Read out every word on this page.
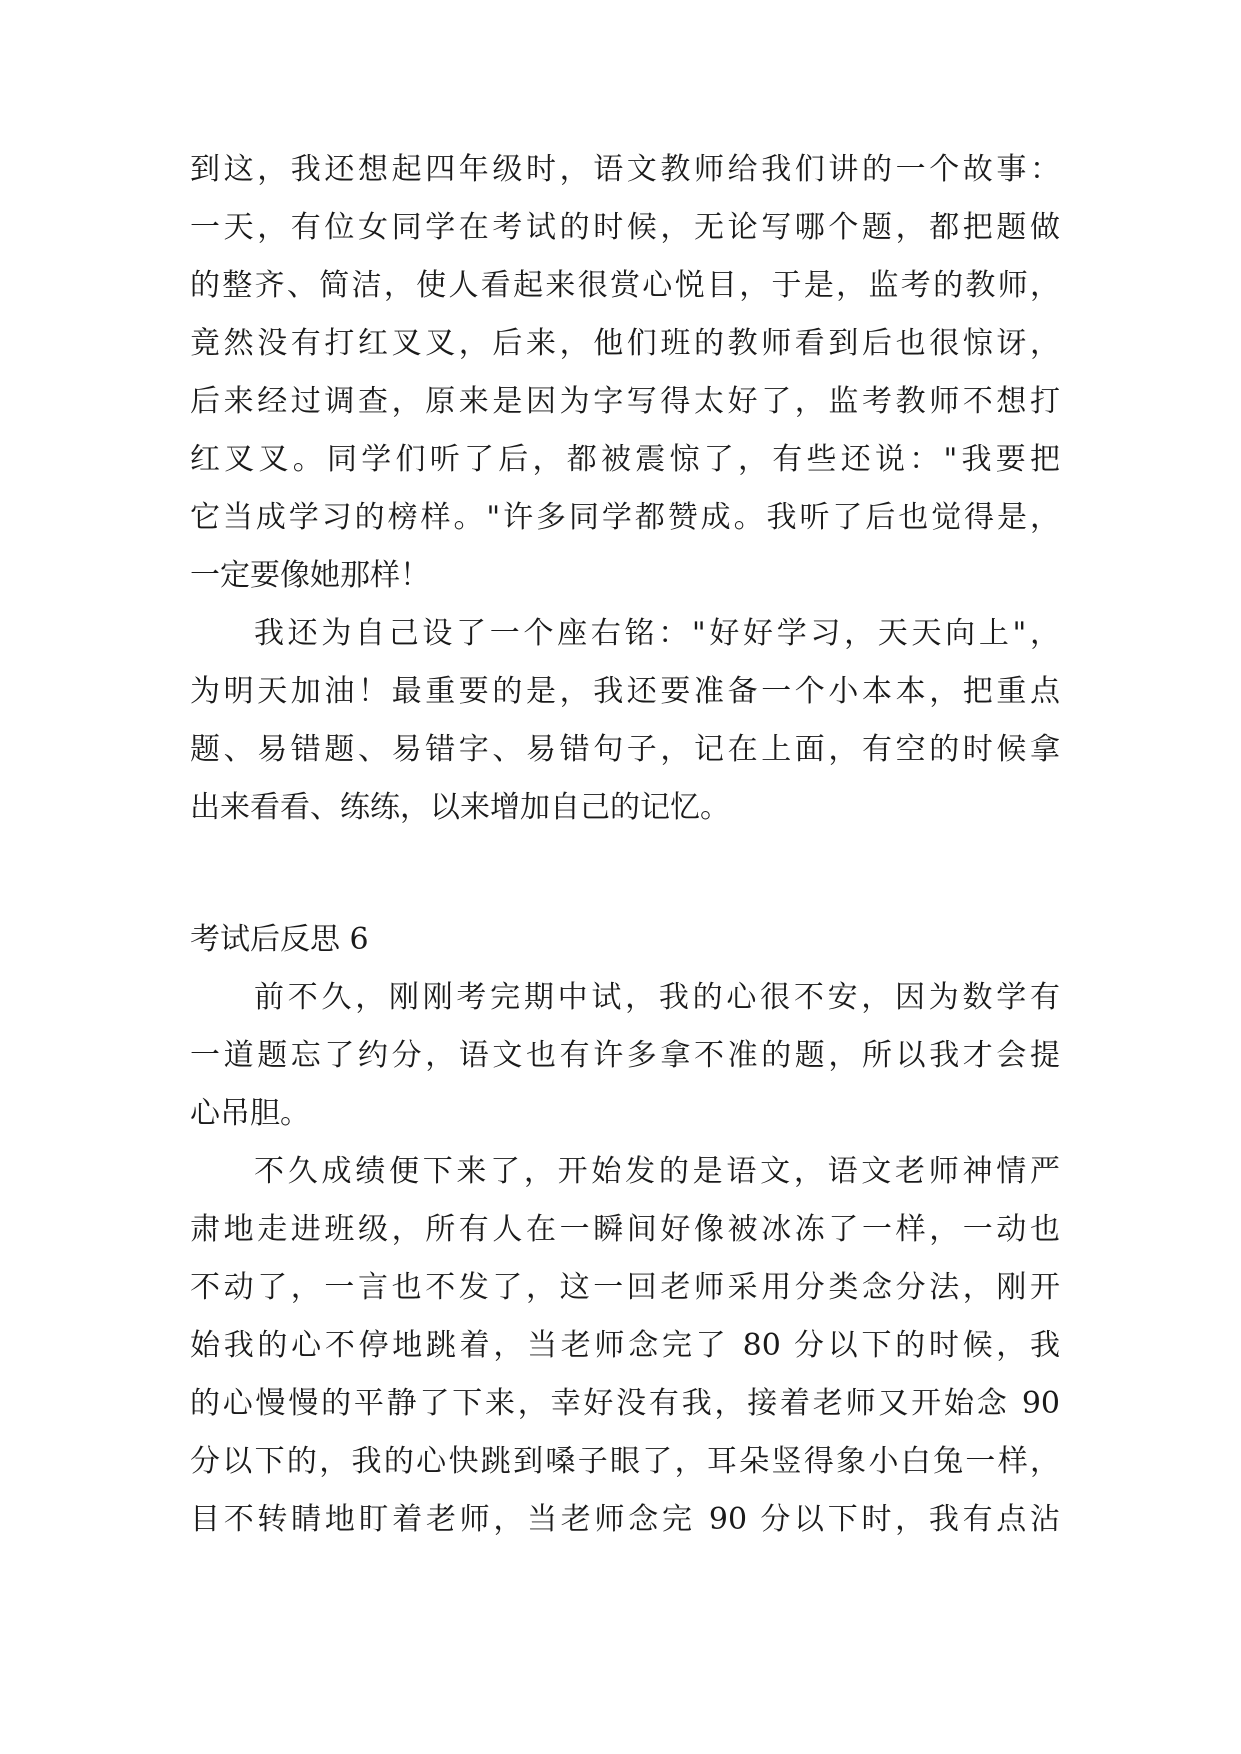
到这，我还想起四年级时，语文教师给我们讲的一个故事：
一天，有位女同学在考试的时候，无论写哪个题，都把题做
的整齐、简洁，使人看起来很赏心悦目，于是，监考的教师，
竟然没有打红叉叉，后来，他们班的教师看到后也很惊讶，
后来经过调查，原来是因为字写得太好了，监考教师不想打
红叉叉。同学们听了后，都被震惊了，有些还说："我要把
它当成学习的榜样。"许多同学都赞成。我听了后也觉得是，
一定要像她那样！
我还为自己设了一个座右铭："好好学习，天天向上"，
为明天加油！最重要的是，我还要准备一个小本本，把重点
题、易错题、易错字、易错句子，记在上面，有空的时候拿
出来看看、练练，以来增加自己的记忆。
考试后反思 6
前不久，刚刚考完期中试，我的心很不安，因为数学有
一道题忘了约分，语文也有许多拿不准的题，所以我才会提
心吊胆。
不久成绩便下来了，开始发的是语文，语文老师神情严
肃地走进班级，所有人在一瞬间好像被冰冻了一样，一动也
不动了，一言也不发了，这一回老师采用分类念分法，刚开
始我的心不停地跳着，当老师念完了 80 分以下的时候，我
的心慢慢的平静了下来，幸好没有我，接着老师又开始念 90
分以下的，我的心快跳到嗓子眼了，耳朵竖得象小白兔一样，
目不转睛地盯着老师，当老师念完 90 分以下时，我有点沾
